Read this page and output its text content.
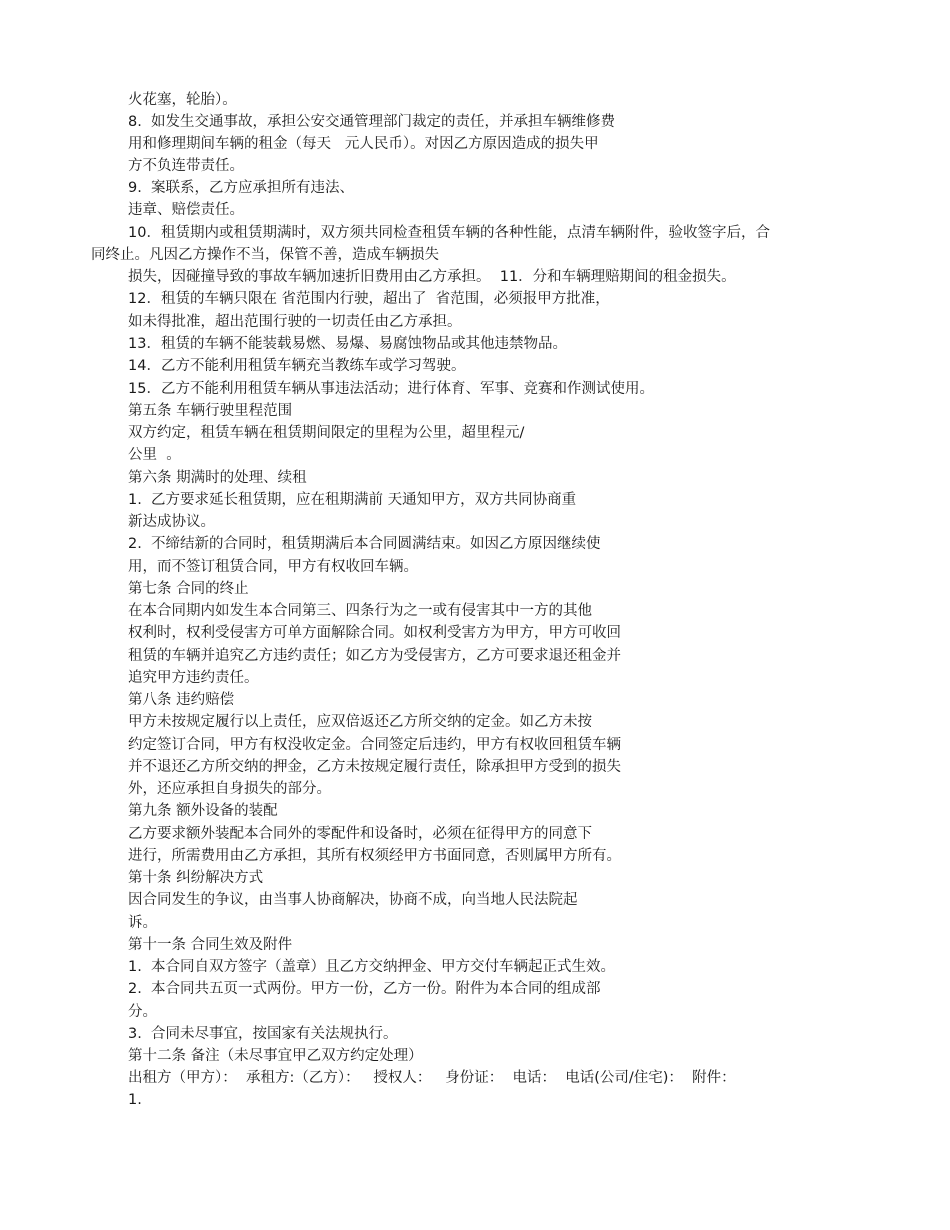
火花塞，轮胎）。
8.  如发生交通事故，承担公安交通管理部门裁定的责任，并承担车辆维修费
用和修理期间车辆的租金（每天   元人民币）。对因乙方原因造成的损失甲
方不负连带责任。
9.  案联系，乙方应承担所有违法、
违章、赔偿责任。
10．租赁期内或租赁期满时，双方须共同检查租赁车辆的各种性能，点清车辆附件，验收签字后，合
同终止。凡因乙方操作不当，保管不善，造成车辆损失
损失，因碰撞导致的事故车辆加速折旧费用由乙方承担。  11．分和车辆理赔期间的租金损失。
12．租赁的车辆只限在 省范围内行驶，超出了  省范围，必须报甲方批准，
如未得批准，超出范围行驶的一切责任由乙方承担。
13．租赁的车辆不能装载易燃、易爆、易腐蚀物品或其他违禁物品。
14．乙方不能利用租赁车辆充当教练车或学习驾驶。
15．乙方不能利用租赁车辆从事违法活动；进行体育、军事、竞赛和作测试使用。
第五条 车辆行驶里程范围
双方约定，租赁车辆在租赁期间限定的里程为公里，超里程元/
公里  。
第六条 期满时的处理、续租
1.  乙方要求延长租赁期，应在租期满前 天通知甲方，双方共同协商重
新达成协议。
2.  不缔结新的合同时，租赁期满后本合同圆满结束。如因乙方原因继续使
用，而不签订租赁合同，甲方有权收回车辆。
第七条 合同的终止
在本合同期内如发生本合同第三、四条行为之一或有侵害其中一方的其他
权利时，权利受侵害方可单方面解除合同。如权利受害方为甲方，甲方可收回
租赁的车辆并追究乙方违约责任；如乙方为受侵害方，乙方可要求退还租金并
追究甲方违约责任。
第八条 违约赔偿
甲方未按规定履行以上责任，应双倍返还乙方所交纳的定金。如乙方未按
约定签订合同，甲方有权没收定金。合同签定后违约，甲方有权收回租赁车辆
并不退还乙方所交纳的押金，乙方未按规定履行责任，除承担甲方受到的损失
外，还应承担自身损失的部分。
第九条 额外设备的装配
乙方要求额外装配本合同外的零配件和设备时，必须在征得甲方的同意下
进行，所需费用由乙方承担，其所有权须经甲方书面同意，否则属甲方所有。
第十条 纠纷解决方式
因合同发生的争议，由当事人协商解决，协商不成，向当地人民法院起
诉。
第十一条 合同生效及附件
1.  本合同自双方签字（盖章）且乙方交纳押金、甲方交付车辆起正式生效。
2.  本合同共五页一式两份。甲方一份，乙方一份。附件为本合同的组成部
分。
3.  合同未尽事宜，按国家有关法规执行。
第十二条 备注（未尽事宜甲乙双方约定处理）
出租方（甲方）：  承租方:（乙方）：   授权人：   身份证：  电话：  电话(公司/住宅)：  附件：
1.
